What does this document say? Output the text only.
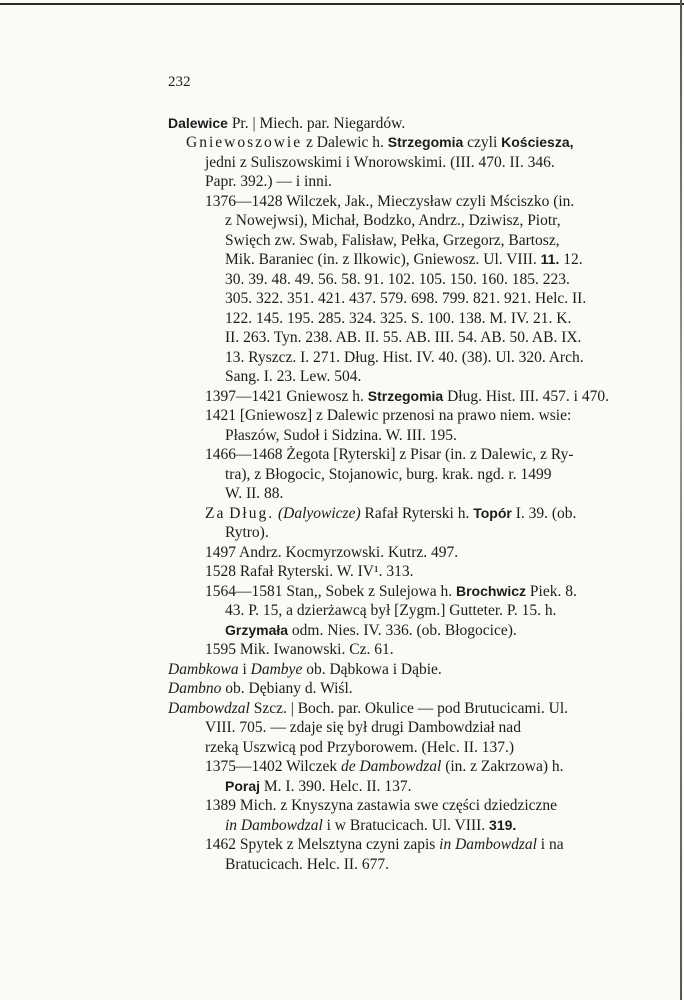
232
Dalewice Pr. | Miech. par. Niegardów.
Gniewoszowie z Dalewic h. Strzegomia czyli Kościesza,
jedni z Suliszowskimi i Wnorowskimi. (III. 470. II. 346.
Papr. 392.) — i inni.
1376—1428 Wilczek, Jak., Mieczysław czyli Mściszko (in.
z Nowejwsi), Michał, Bodzko, Andrz., Dziwisz, Piotr,
Swięch zw. Swab, Falisław, Pełka, Grzegorz, Bartosz,
Mik. Baraniec (in. z Ilkowic), Gniewosz. Ul. VIII. 11. 12.
30. 39. 48. 49. 56. 58. 91. 102. 105. 150. 160. 185. 223.
305. 322. 351. 421. 437. 579. 698. 799. 821. 921. Helc. II.
122. 145. 195. 285. 324. 325. S. 100. 138. M. IV. 21. K.
II. 263. Tyn. 238. AB. II. 55. AB. III. 54. AB. 50. AB. IX.
13. Ryszcz. I. 271. Dług. Hist. IV. 40. (38). Ul. 320. Arch.
Sang. I. 23. Lew. 504.
1397—1421 Gniewosz h. Strzegomia Dług. Hist. III. 457. i 470.
1421 [Gniewosz] z Dalewic przenosi na prawo niem. wsie:
Płaszów, Sudoł i Sidzina. W. III. 195.
1466—1468 Żegota [Ryterski] z Pisar (in. z Dalewic, z Ry-
tra), z Błogocic, Stojanowic, burg. krak. ngd. r. 1499
W. II. 88.
Za Dług. (Dalyowicze) Rafał Ryterski h. Topór I. 39. (ob.
Rytro).
1497 Andrz. Kocmyrzowski. Kutrz. 497.
1528 Rafał Ryterski. W. IV¹. 313.
1564—1581 Stan,, Sobek z Sulejowa h. Brochwicz Piek. 8.
43. P. 15, a dzierżawcą był [Zygm.] Gutteter. P. 15. h.
Grzymała odm. Nies. IV. 336. (ob. Błogocice).
1595 Mik. Iwanowski. Cz. 61.
Dambkowa i Dambye ob. Dąbkowa i Dąbie.
Dambno ob. Dębiany d. Wiśl.
Dambowdzal Szcz. | Boch. par. Okulice — pod Brutucicami. Ul.
VIII. 705. — zdaje się był drugi Dambowdział nad
rzeką Uszwicą pod Przyborowem. (Helc. II. 137.)
1375—1402 Wilczek de Dambowdzal (in. z Zakrzowa) h.
Poraj M. I. 390. Helc. II. 137.
1389 Mich. z Knyszyna zastawia swe części dziedziczne
in Dambowdzal i w Bratucicach. Ul. VIII. 319.
1462 Spytek z Melsztyna czyni zapis in Dambowdzal i na
Bratucicach. Helc. II. 677.
